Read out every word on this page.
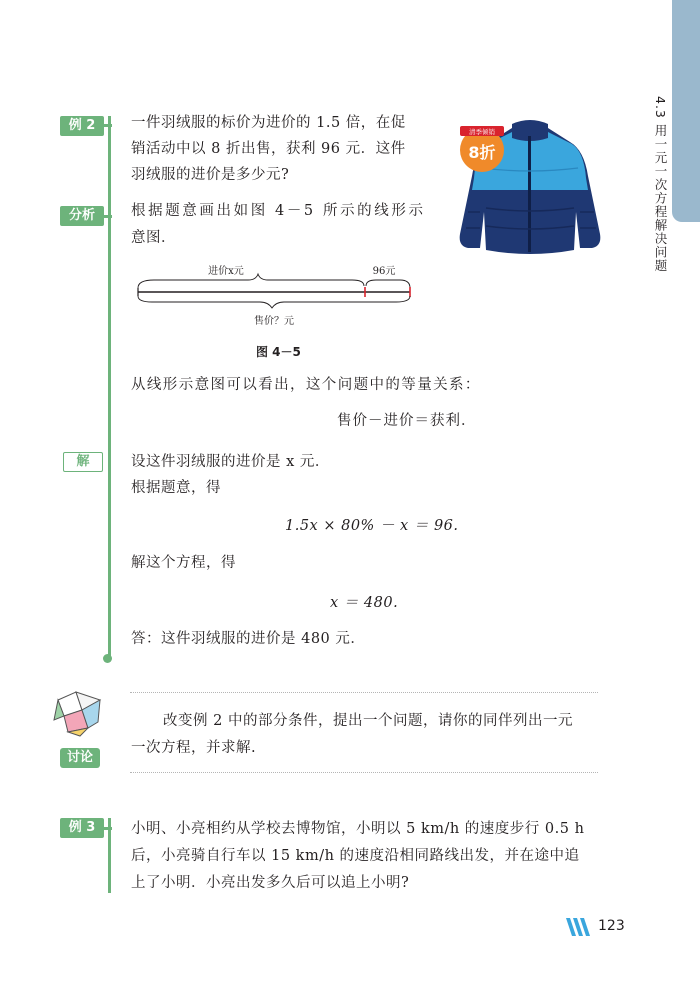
4.3 用一元一次方程解决问题
例 2	一件羽绒服的标价为进价的 1.5 倍，在促
销活动中以 8 折出售，获利 96 元．这件
羽绒服的进价是多少元?
清季倾销
8折
分析	根据题意画出如图 4－5 所示的线形示
意图．
进价x元	96元
售价？元
图 4－5
从线形示意图可以看出，这个问题中的等量关系：
售价－进价＝获利．
解	设这件羽绒服的进价是 x 元．
根据题意，得
1.5x × 80% － x ＝ 96.
解这个方程，得
x ＝ 480.
答：这件羽绒服的进价是 480 元．
讨论
改变例 2 中的部分条件，提出一个问题，请你的同伴列出一元
一次方程，并求解.
例 3	小明、小亮相约从学校去博物馆，小明以 5 km/h 的速度步行 0.5 h
后，小亮骑自行车以 15 km/h 的速度沿相同路线出发，并在途中追
上了小明．小亮出发多久后可以追上小明?
123
